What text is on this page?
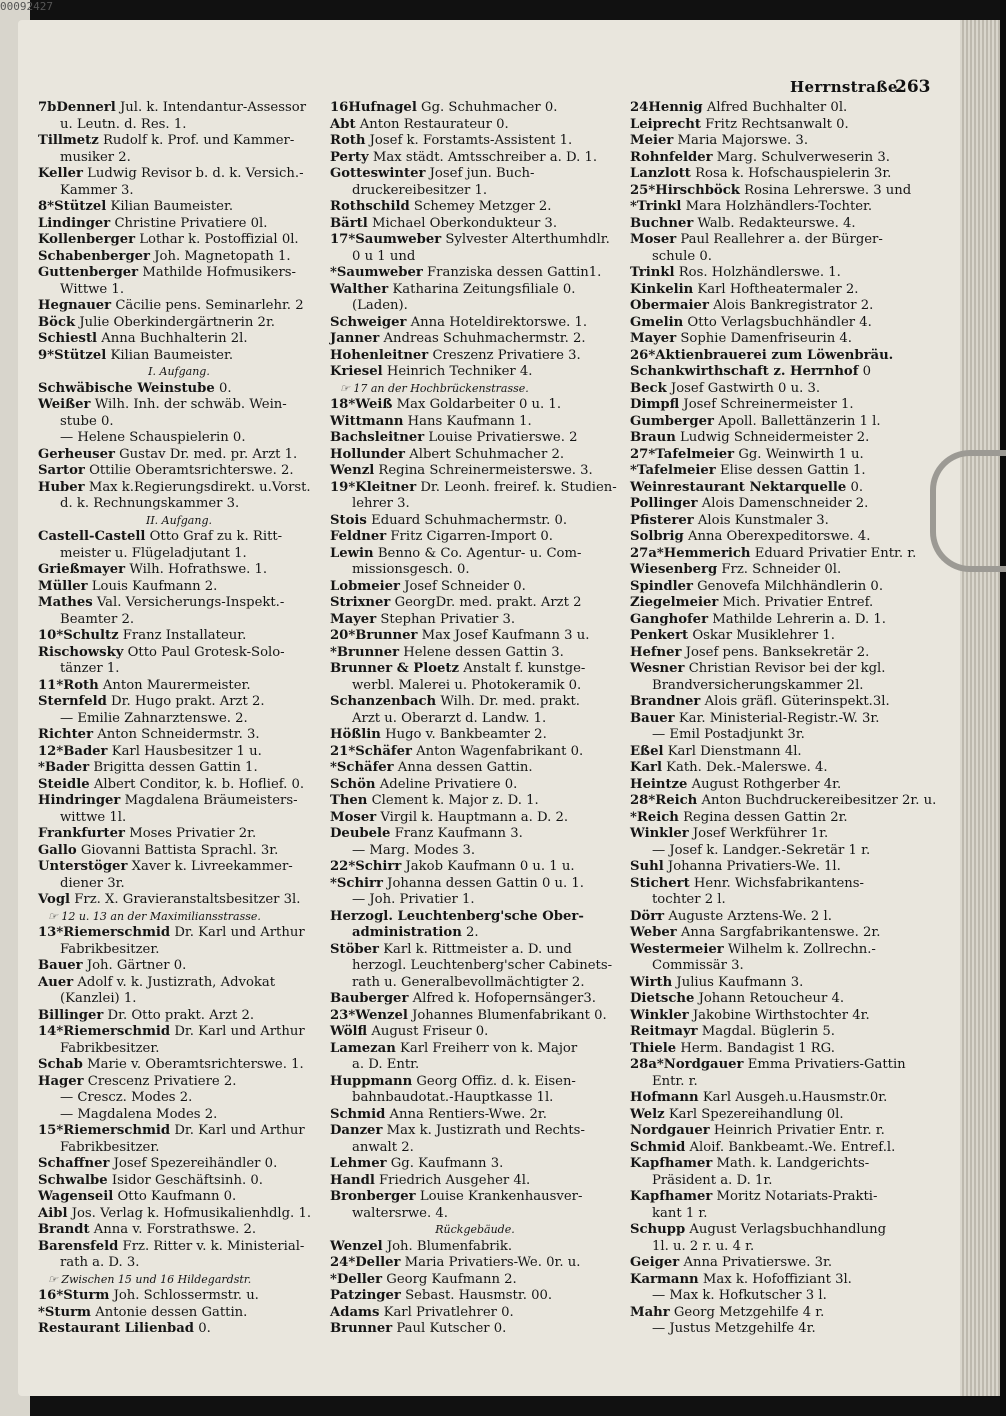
00092427
Herrnstraße.
263
7bDennerl Jul. k. Intendantur-Assessor
u. Leutn. d. Res. 1.
Tillmetz Rudolf k. Prof. und Kammer-
musiker 2.
Keller Ludwig Revisor b. d. k. Versich.-
Kammer 3.
8*Stützel Kilian Baumeister.
Lindinger Christine Privatiere 0l.
Kollenberger Lothar k. Postoffizial 0l.
Schabenberger Joh. Magnetopath 1.
Guttenberger Mathilde Hofmusikers-
Wittwe 1.
Hegnauer Cäcilie pens. Seminarlehr. 2
Böck Julie Oberkindergärtnerin 2r.
Schiestl Anna Buchhalterin 2l.
9*Stützel Kilian Baumeister.
I. Aufgang.
Schwäbische Weinstube 0.
Weißer Wilh. Inh. der schwäb. Wein-
stube 0.
— Helene Schauspielerin 0.
Gerheuser Gustav Dr. med. pr. Arzt 1.
Sartor Ottilie Oberamtsrichterswe. 2.
Huber Max k.Regierungsdirekt. u.Vorst.
d. k. Rechnungskammer 3.
II. Aufgang.
Castell-Castell Otto Graf zu k. Ritt-
meister u. Flügeladjutant 1.
Grießmayer Wilh. Hofrathswe. 1.
Müller Louis Kaufmann 2.
Mathes Val. Versicherungs-Inspekt.-
Beamter 2.
10*Schultz Franz Installateur.
Rischowsky Otto Paul Grotesk-Solo-
tänzer 1.
11*Roth Anton Maurermeister.
Sternfeld Dr. Hugo prakt. Arzt 2.
— Emilie Zahnarztenswe. 2.
Richter Anton Schneidermstr. 3.
12*Bader Karl Hausbesitzer 1 u.
*Bader Brigitta dessen Gattin 1.
Steidle Albert Conditor, k. b. Hoflief. 0.
Hindringer Magdalena Bräumeisters-
wittwe 1l.
Frankfurter Moses Privatier 2r.
Gallo Giovanni Battista Sprachl. 3r.
Unterstöger Xaver k. Livreekammer-
diener 3r.
Vogl Frz. X. Gravieranstaltsbesitzer 3l.
☞ 12 u. 13 an der Maximiliansstrasse.
13*Riemerschmid Dr. Karl und Arthur
Fabrikbesitzer.
Bauer Joh. Gärtner 0.
Auer Adolf v. k. Justizrath, Advokat
(Kanzlei) 1.
Billinger Dr. Otto prakt. Arzt 2.
14*Riemerschmid Dr. Karl und Arthur
Fabrikbesitzer.
Schab Marie v. Oberamtsrichterswe. 1.
Hager Crescenz Privatiere 2.
— Crescz. Modes 2.
— Magdalena Modes 2.
15*Riemerschmid Dr. Karl und Arthur
Fabrikbesitzer.
Schaffner Josef Spezereihändler 0.
Schwalbe Isidor Geschäftsinh. 0.
Wagenseil Otto Kaufmann 0.
Aibl Jos. Verlag k. Hofmusikalienhdlg. 1.
Brandt Anna v. Forstrathswe. 2.
Barensfeld Frz. Ritter v. k. Ministerial-
rath a. D. 3.
☞ Zwischen 15 und 16 Hildegardstr.
16*Sturm Joh. Schlossermstr. u.
*Sturm Antonie dessen Gattin.
Restaurant Lilienbad 0.
16Hufnagel Gg. Schuhmacher 0.
Abt Anton Restaurateur 0.
Roth Josef k. Forstamts-Assistent 1.
Perty Max städt. Amtsschreiber a. D. 1.
Gotteswinter Josef jun. Buch-
druckereibesitzer 1.
Rothschild Schemey Metzger 2.
Bärtl Michael Oberkondukteur 3.
17*Saumweber Sylvester Alterthumhdlr.
0 u 1 und
*Saumweber Franziska dessen Gattin1.
Walther Katharina Zeitungsfiliale 0.
(Laden).
Schweiger Anna Hoteldirektorswe. 1.
Janner Andreas Schuhmachermstr. 2.
Hohenleitner Creszenz Privatiere 3.
Kriesel Heinrich Techniker 4.
☞ 17 an der Hochbrückenstrasse.
18*Weiß Max Goldarbeiter 0 u. 1.
Wittmann Hans Kaufmann 1.
Bachsleitner Louise Privatierswe. 2
Hollunder Albert Schuhmacher 2.
Wenzl Regina Schreinermeisterswe. 3.
19*Kleitner Dr. Leonh. freiref. k. Studien-
lehrer 3.
Stois Eduard Schuhmachermstr. 0.
Feldner Fritz Cigarren-Import 0.
Lewin Benno & Co. Agentur- u. Com-
missionsgesch. 0.
Lobmeier Josef Schneider 0.
Strixner GeorgDr. med. prakt. Arzt 2
Mayer Stephan Privatier 3.
20*Brunner Max Josef Kaufmann 3 u.
*Brunner Helene dessen Gattin 3.
Brunner & Ploetz Anstalt f. kunstge-
werbl. Malerei u. Photokeramik 0.
Schanzenbach Wilh. Dr. med. prakt.
Arzt u. Oberarzt d. Landw. 1.
Hößlin Hugo v. Bankbeamter 2.
21*Schäfer Anton Wagenfabrikant 0.
*Schäfer Anna dessen Gattin.
Schön Adeline Privatiere 0.
Then Clement k. Major z. D. 1.
Moser Virgil k. Hauptmann a. D. 2.
Deubele Franz Kaufmann 3.
— Marg. Modes 3.
22*Schirr Jakob Kaufmann 0 u. 1 u.
*Schirr Johanna dessen Gattin 0 u. 1.
— Joh. Privatier 1.
Herzogl. Leuchtenberg'sche Ober-
administration 2.
Stöber Karl k. Rittmeister a. D. und
herzogl. Leuchtenberg'scher Cabinets-
rath u. Generalbevollmächtigter 2.
Bauberger Alfred k. Hofopernsänger3.
23*Wenzel Johannes Blumenfabrikant 0.
Wölfl August Friseur 0.
Lamezan Karl Freiherr von k. Major
a. D. Entr.
Huppmann Georg Offiz. d. k. Eisen-
bahnbaudotat.-Hauptkasse 1l.
Schmid Anna Rentiers-Wwe. 2r.
Danzer Max k. Justizrath und Rechts-
anwalt 2.
Lehmer Gg. Kaufmann 3.
Handl Friedrich Ausgeher 4l.
Bronberger Louise Krankenhausver-
waltersrwe. 4.
Rückgebäude.
Wenzel Joh. Blumenfabrik.
24*Deller Maria Privatiers-We. 0r. u.
*Deller Georg Kaufmann 2.
Patzinger Sebast. Hausmstr. 00.
Adams Karl Privatlehrer 0.
Brunner Paul Kutscher 0.
24Hennig Alfred Buchhalter 0l.
Leiprecht Fritz Rechtsanwalt 0.
Meier Maria Majorswe. 3.
Rohnfelder Marg. Schulverweserin 3.
Lanzlott Rosa k. Hofschauspielerin 3r.
25*Hirschböck Rosina Lehrerswe. 3 und
*Trinkl Mara Holzhändlers-Tochter.
Buchner Walb. Redakteurswe. 4.
Moser Paul Reallehrer a. der Bürger-
schule 0.
Trinkl Ros. Holzhändlerswe. 1.
Kinkelin Karl Hoftheatermaler 2.
Obermaier Alois Bankregistrator 2.
Gmelin Otto Verlagsbuchhändler 4.
Mayer Sophie Damenfriseurin 4.
26*Aktienbrauerei zum Löwenbräu.
Schankwirthschaft z. Herrnhof 0
Beck Josef Gastwirth 0 u. 3.
Dimpfl Josef Schreinermeister 1.
Gumberger Apoll. Ballettänzerin 1 l.
Braun Ludwig Schneidermeister 2.
27*Tafelmeier Gg. Weinwirth 1 u.
*Tafelmeier Elise dessen Gattin 1.
Weinrestaurant Nektarquelle 0.
Pollinger Alois Damenschneider 2.
Pfisterer Alois Kunstmaler 3.
Solbrig Anna Oberexpeditorswe. 4.
27a*Hemmerich Eduard Privatier Entr. r.
Wiesenberg Frz. Schneider 0l.
Spindler Genovefa Milchhändlerin 0.
Ziegelmeier Mich. Privatier Entref.
Ganghofer Mathilde Lehrerin a. D. 1.
Penkert Oskar Musiklehrer 1.
Hefner Josef pens. Banksekretär 2.
Wesner Christian Revisor bei der kgl.
Brandversicherungskammer 2l.
Brandner Alois gräfl. Güterinspekt.3l.
Bauer Kar. Ministerial-Registr.-W. 3r.
— Emil Postadjunkt 3r.
Eßel Karl Dienstmann 4l.
Karl Kath. Dek.-Malerswe. 4.
Heintze August Rothgerber 4r.
28*Reich Anton Buchdruckereibesitzer 2r. u.
*Reich Regina dessen Gattin 2r.
Winkler Josef Werkführer 1r.
— Josef k. Landger.-Sekretär 1 r.
Suhl Johanna Privatiers-We. 1l.
Stichert Henr. Wichsfabrikantens-
tochter 2 l.
Dörr Auguste Arztens-We. 2 l.
Weber Anna Sargfabrikantenswe. 2r.
Westermeier Wilhelm k. Zollrechn.-
Commissär 3.
Wirth Julius Kaufmann 3.
Dietsche Johann Retoucheur 4.
Winkler Jakobine Wirthstochter 4r.
Reitmayr Magdal. Büglerin 5.
Thiele Herm. Bandagist 1 RG.
28a*Nordgauer Emma Privatiers-Gattin
Entr. r.
Hofmann Karl Ausgeh.u.Hausmstr.0r.
Welz Karl Spezereihandlung 0l.
Nordgauer Heinrich Privatier Entr. r.
Schmid Aloif. Bankbeamt.-We. Entref.l.
Kapfhamer Math. k. Landgerichts-
Präsident a. D. 1r.
Kapfhamer Moritz Notariats-Prakti-
kant 1 r.
Schupp August Verlagsbuchhandlung
1l. u. 2 r. u. 4 r.
Geiger Anna Privatierswe. 3r.
Karmann Max k. Hofoffiziant 3l.
— Max k. Hofkutscher 3 l.
Mahr Georg Metzgehilfe 4 r.
— Justus Metzgehilfe 4r.
